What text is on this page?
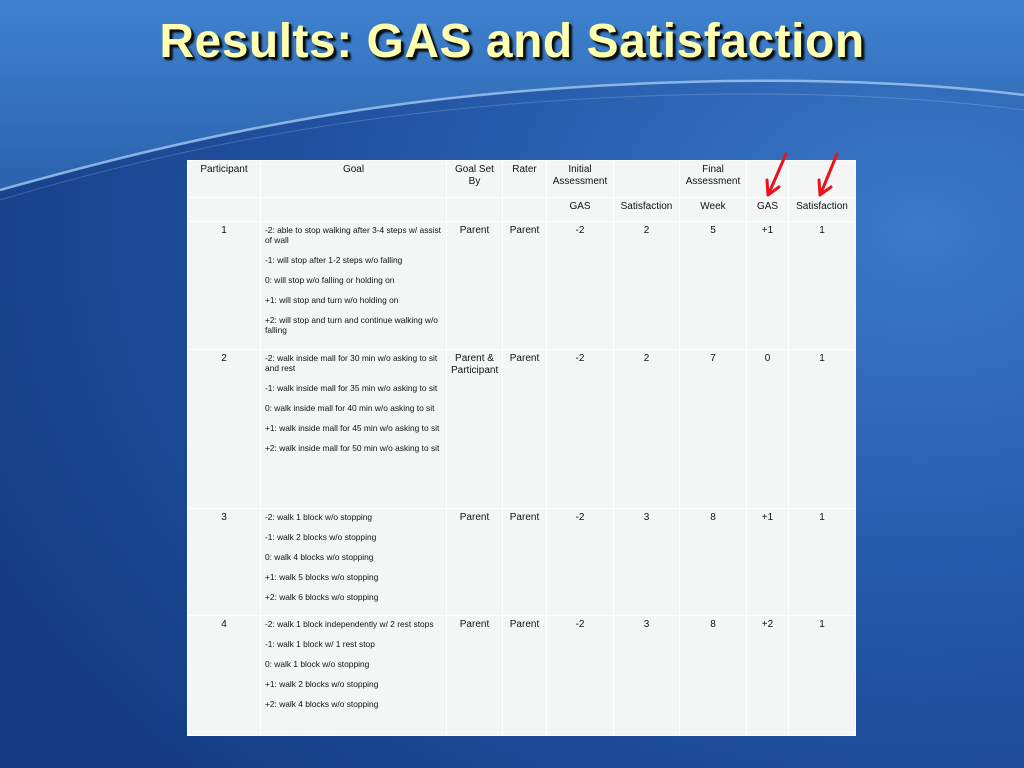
Results: GAS and Satisfaction
Participant	Goal	Goal Set By	Rater	Initial Assessment		Final Assessment		
				GAS	Satisfaction	Week	GAS	Satisfaction
1	-2: able to stop walking after 3-4 steps w/ assist of wall
-1: will stop after 1-2 steps w/o falling
0: will stop w/o falling or holding on
+1: will stop and turn w/o holding on
+2: will stop and turn and continue walking w/o falling	Parent	Parent	-2	2	5	+1	1
2	-2: walk inside mall for 30 min w/o asking to sit and rest
-1: walk inside mall for 35 min w/o asking to sit
0: walk inside mall for 40 min w/o asking to sit
+1: walk inside mall for 45 min w/o asking to sit
+2: walk inside mall for 50 min w/o asking to sit	Parent & Participant	Parent	-2	2	7	0	1
3	-2: walk 1 block w/o stopping
-1: walk 2 blocks w/o stopping
0: walk 4 blocks w/o stopping
+1: walk 5 blocks w/o stopping
+2: walk 6 blocks w/o stopping	Parent	Parent	-2	3	8	+1	1
4	-2: walk 1 block independently w/ 2 rest stops
-1: walk 1 block w/ 1 rest stop
0: walk 1 block w/o stopping
+1: walk 2 blocks w/o stopping
+2: walk 4 blocks w/o stopping	Parent	Parent	-2	3	8	+2	1
